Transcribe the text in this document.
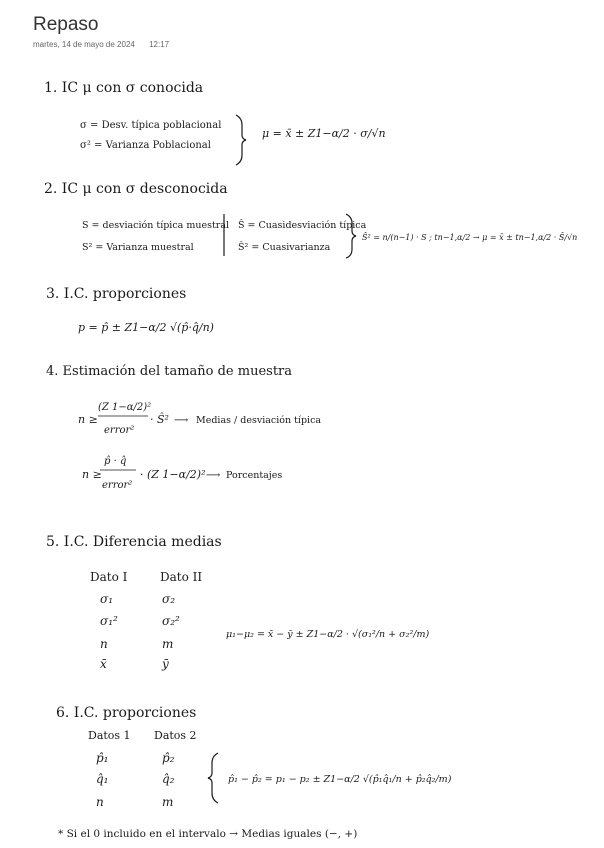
Repaso
martes, 14 de mayo de 2024 12:17
1. IC μ con σ conocida
σ = Desv. típica poblacional
σ² = Varianza Poblacional
μ = x̄ ± Z1−α/2 · σ/√n
2. IC μ con σ desconocida
S = desviación típica muestral
S² = Varianza muestral
Ŝ = Cuasidesviación típica
Ŝ² = Cuasivarianza
Ŝ² = n/(n−1) · S ; tn−1,α/2 → μ = x̄ ± tn−1,α/2 · Ŝ/√n
3. I.C. proporciones
p = p̂ ± Z1−α/2 √(p̂·q̂/n)
4. Estimación del tamaño de muestra
n ≥
(Z 1−α/2)²
error²
· Ŝ² ⟶ Medias / desviación típica
n ≥
p̂ · q̂
error²
· (Z 1−α/2)² ⟶ Porcentajes
5. I.C. Diferencia medias
Dato I	Dato II
σ₁
σ₁²
n
x̄
σ₂
σ₂²
m
ȳ
μ₁−μ₂ = x̄ − ȳ ± Z1−α/2 · √(σ₁²/n + σ₂²/m)
6. I.C. proporciones
Datos 1 Datos 2
p̂₁
q̂₁
n
p̂₂
q̂₂
m
p̂₁ − p̂₂ = p₁ − p₂ ± Z1−α/2 √(p̂₁q̂₁/n + p̂₂q̂₂/m)
* Si el 0 incluido en el intervalo → Medias iguales (−, +)
